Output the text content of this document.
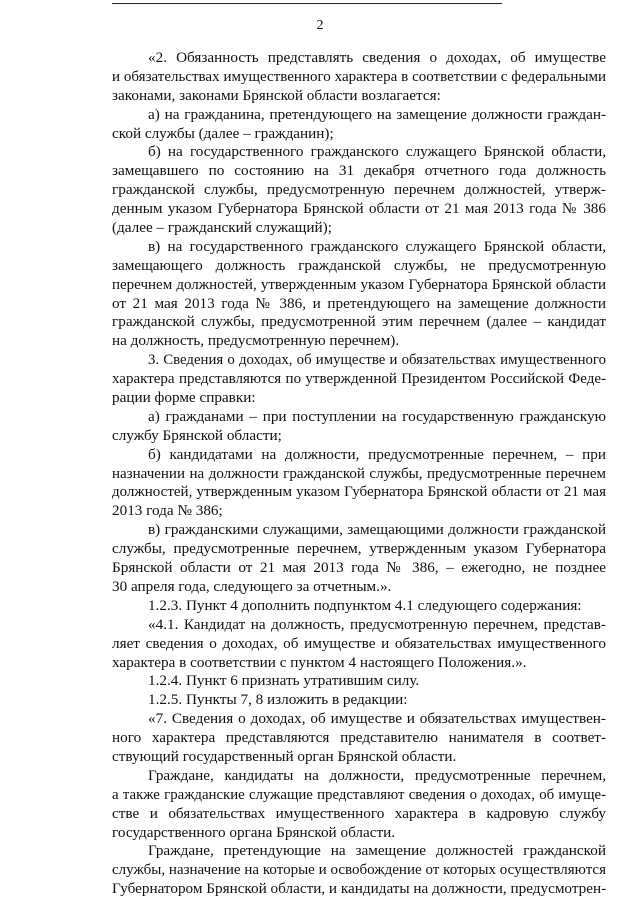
2
«2. Обязанность представлять сведения о доходах, об имуществе
и обязательствах имущественного характера в соответствии с федеральными
законами, законами Брянской области возлагается:
а) на гражданина, претендующего на замещение должности граждан-
ской службы (далее – гражданин);
б) на государственного гражданского служащего Брянской области,
замещавшего по состоянию на 31 декабря отчетного года должность
гражданской службы, предусмотренную перечнем должностей, утверж-
денным указом Губернатора Брянской области от 21 мая 2013 года № 386
(далее – гражданский служащий);
в) на государственного гражданского служащего Брянской области,
замещающего должность гражданской службы, не предусмотренную
перечнем должностей, утвержденным указом Губернатора Брянской области
от 21 мая 2013 года № 386, и претендующего на замещение должности
гражданской службы, предусмотренной этим перечнем (далее – кандидат
на должность, предусмотренную перечнем).
3. Сведения о доходах, об имуществе и обязательствах имущественного
характера представляются по утвержденной Президентом Российской Феде-
рации форме справки:
а) гражданами – при поступлении на государственную гражданскую
службу Брянской области;
б) кандидатами на должности, предусмотренные перечнем, – при
назначении на должности гражданской службы, предусмотренные перечнем
должностей, утвержденным указом Губернатора Брянской области от 21 мая
2013 года № 386;
в) гражданскими служащими, замещающими должности гражданской
службы, предусмотренные перечнем, утвержденным указом Губернатора
Брянской области от 21 мая 2013 года № 386, – ежегодно, не позднее
30 апреля года, следующего за отчетным.».
1.2.3. Пункт 4 дополнить подпунктом 4.1 следующего содержания:
«4.1. Кандидат на должность, предусмотренную перечнем, представ-
ляет сведения о доходах, об имуществе и обязательствах имущественного
характера в соответствии с пунктом 4 настоящего Положения.».
1.2.4. Пункт 6 признать утратившим силу.
1.2.5. Пункты 7, 8 изложить в редакции:
«7. Сведения о доходах, об имуществе и обязательствах имуществен-
ного характера представляются представителю нанимателя в соответ-
ствующий государственный орган Брянской области.
Граждане, кандидаты на должности, предусмотренные перечнем,
а также гражданские служащие представляют сведения о доходах, об имуще-
стве и обязательствах имущественного характера в кадровую службу
государственного органа Брянской области.
Граждане, претендующие на замещение должностей гражданской
службы, назначение на которые и освобождение от которых осуществляются
Губернатором Брянской области, и кандидаты на должности, предусмотрен-
